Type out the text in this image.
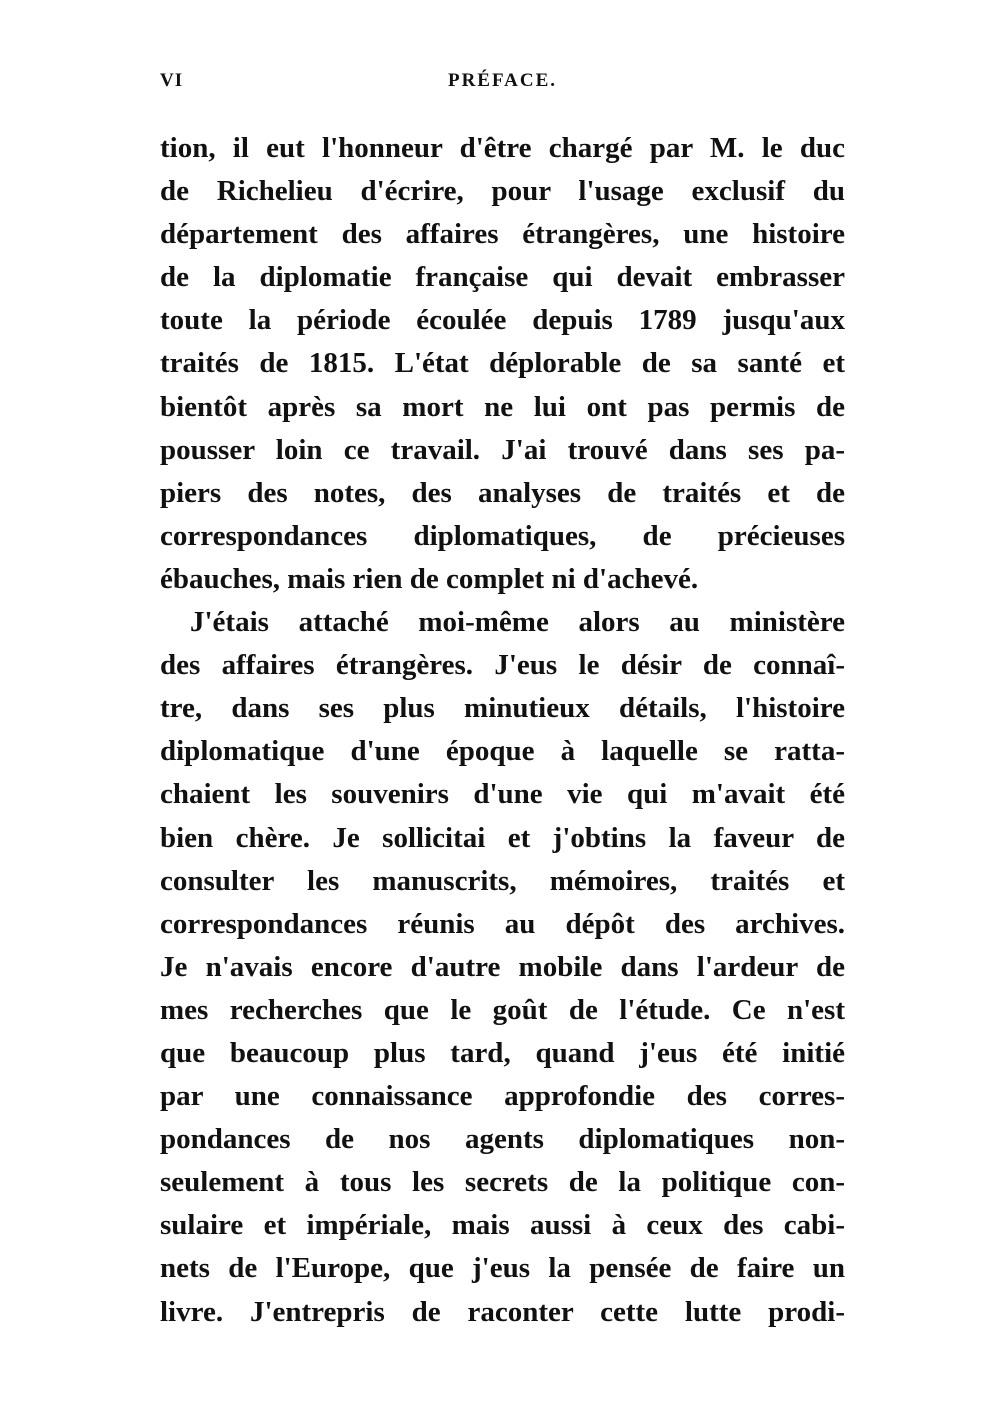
VI	PRÉFACE.
tion, il eut l'honneur d'être chargé par M. le duc
de Richelieu d'écrire, pour l'usage exclusif du
département des affaires étrangères, une histoire
de la diplomatie française qui devait embrasser
toute la période écoulée depuis 1789 jusqu'aux
traités de 1815. L'état déplorable de sa santé et
bientôt après sa mort ne lui ont pas permis de
pousser loin ce travail. J'ai trouvé dans ses pa-
piers des notes, des analyses de traités et de
correspondances diplomatiques, de précieuses
ébauches, mais rien de complet ni d'achevé.
J'étais attaché moi-même alors au ministère
des affaires étrangères. J'eus le désir de connaî-
tre, dans ses plus minutieux détails, l'histoire
diplomatique d'une époque à laquelle se ratta-
chaient les souvenirs d'une vie qui m'avait été
bien chère. Je sollicitai et j'obtins la faveur de
consulter les manuscrits, mémoires, traités et
correspondances réunis au dépôt des archives.
Je n'avais encore d'autre mobile dans l'ardeur de
mes recherches que le goût de l'étude. Ce n'est
que beaucoup plus tard, quand j'eus été initié
par une connaissance approfondie des corres-
pondances de nos agents diplomatiques non-
seulement à tous les secrets de la politique con-
sulaire et impériale, mais aussi à ceux des cabi-
nets de l'Europe, que j'eus la pensée de faire un
livre. J'entrepris de raconter cette lutte prodi-
